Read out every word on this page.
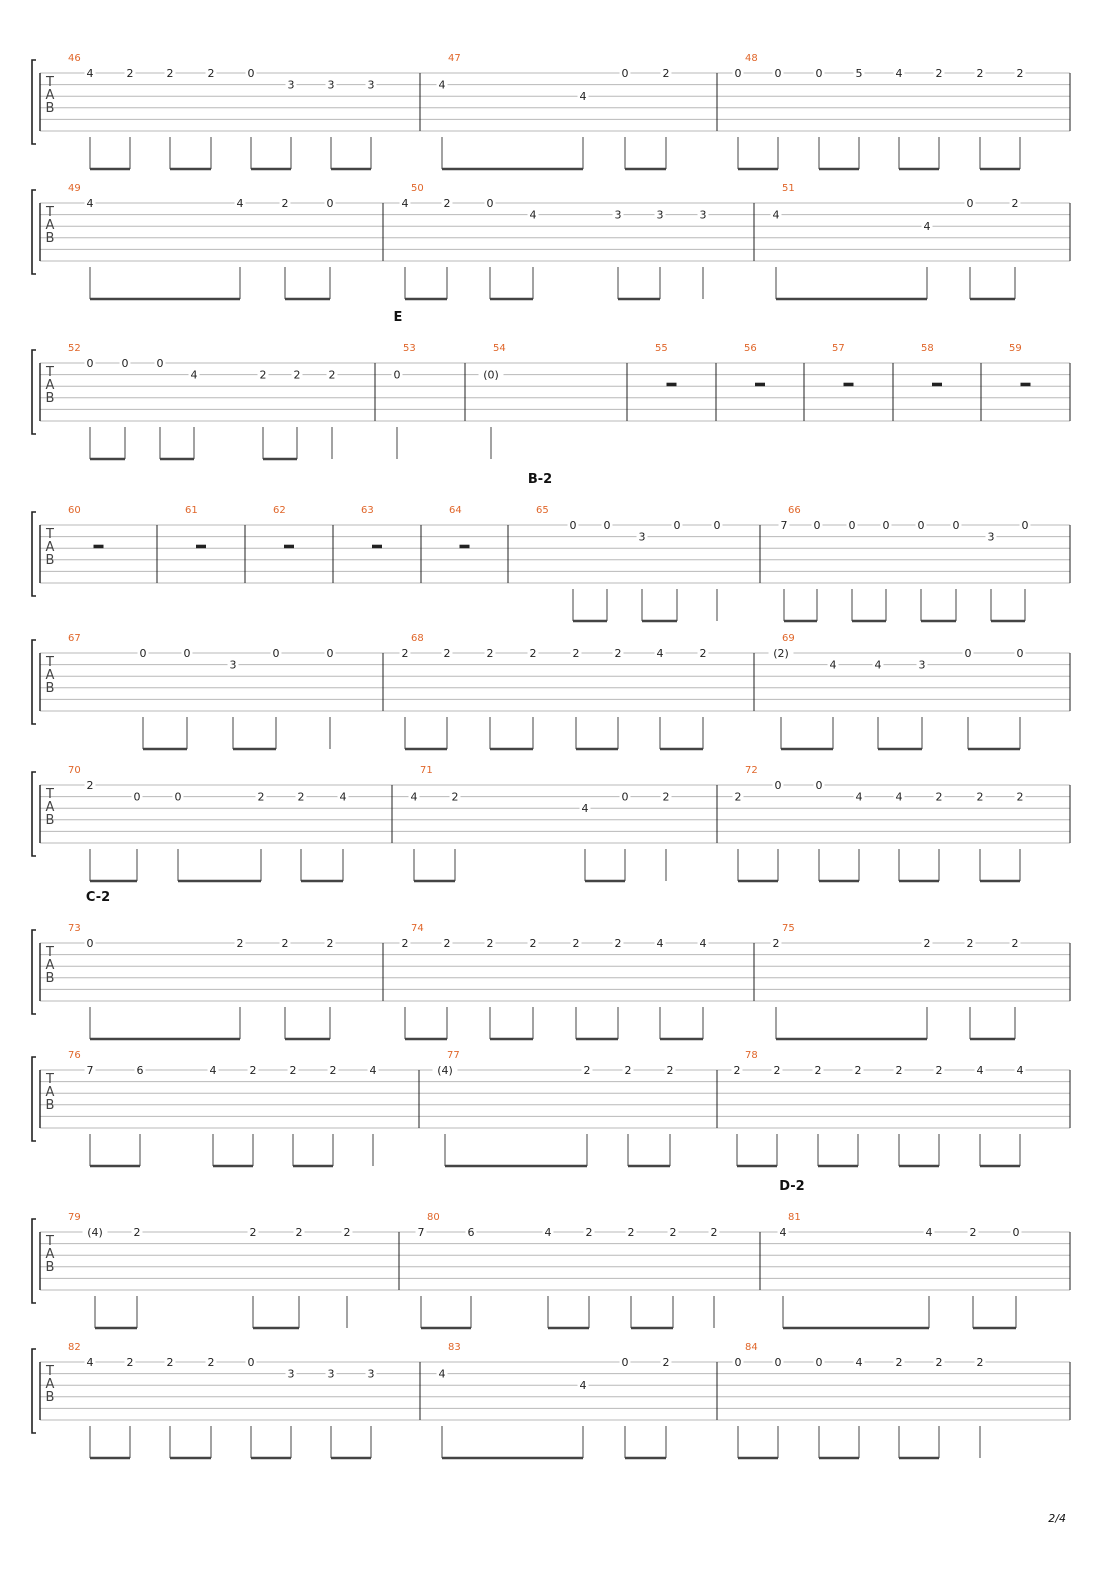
T
A
B
46
4	2	2	2	0
3	3	3
47
4
4
0	2
48
0	0	0	5	4	2	2	2
T
A
B
49
4	4	2	0
50
4	2	0
4	3	3	3
51
4
4
0	2
E
T
A
B
52
0	0	0
4	2 2	2
53
0
54
(0)
55	56	57	58	59
B-2
T
A
B
60	61	62	63	64	65
0 0
3
0	0
66
7 0	0 0	0	0
3
0
T
A
B
67
0	0
3
0	0
68
2	2	2	2	2	2	4	2
69
(2)
4	4	3
0	0
T
A
B
70
2
0	0	2	2	4
71
4	2
4
0	2
72
2
0	0
4	4	2	2	2
C-2
T
A
B
73
0	2	2	2
74
2	2	2	2	2	2	4	4
75
2	2	2	2
T
A
B
76
7	6	4	2	2	2	4
77
(4)	2	2	2
78
2	2	2	2	2	2	4	4
D-2
T
A
B
79
(4)	2	2	2	2
80
7	6	4	2	2	2	2
81
4	4	2	0
T
A
B
82
4	2	2	2	0
3	3	3
83
4
4
0	2
84
0	0	0	4	2	2	2
2/4
